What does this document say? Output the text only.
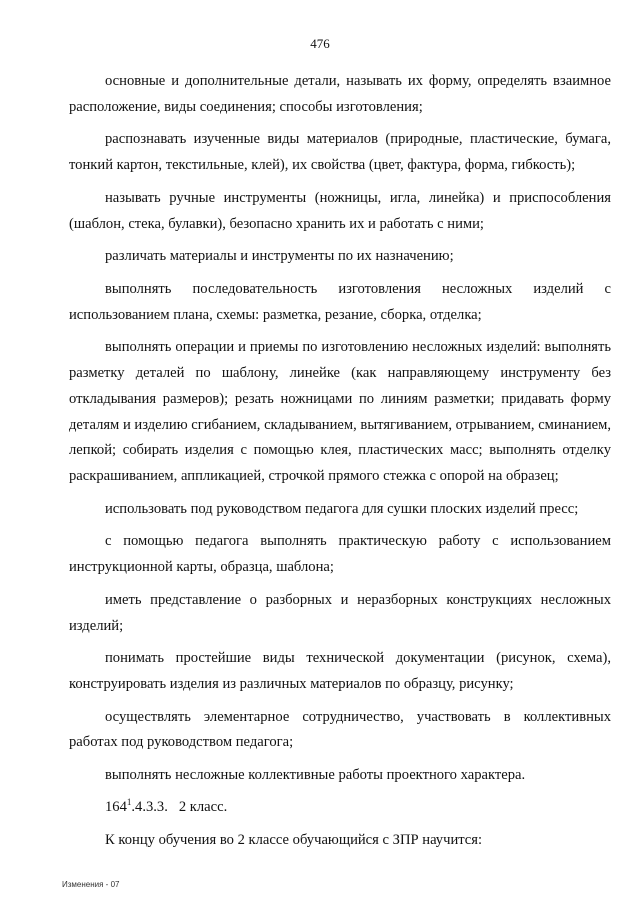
476

основные и дополнительные детали, называть их форму, определять взаимное расположение, виды соединения; способы изготовления;

распознавать изученные виды материалов (природные, пластические, бумага, тонкий картон, текстильные, клей), их свойства (цвет, фактура, форма, гибкость);

называть ручные инструменты (ножницы, игла, линейка) и приспособления (шаблон, стека, булавки), безопасно хранить их и работать с ними;

различать материалы и инструменты по их назначению;

выполнять последовательность изготовления несложных изделий с использованием плана, схемы: разметка, резание, сборка, отделка;

выполнять операции и приемы по изготовлению несложных изделий: выполнять разметку деталей по шаблону, линейке (как направляющему инструменту без откладывания размеров); резать ножницами по линиям разметки; придавать форму деталям и изделию сгибанием, складыванием, вытягиванием, отрыванием, сминанием, лепкой; собирать изделия с помощью клея, пластических масс; выполнять отделку раскрашиванием, аппликацией, строчкой прямого стежка с опорой на образец;

использовать под руководством педагога для сушки плоских изделий пресс;

с помощью педагога выполнять практическую работу с использованием инструкционной карты, образца, шаблона;

иметь представление о разборных и неразборных конструкциях несложных изделий;

понимать простейшие виды технической документации (рисунок, схема), конструировать изделия из различных материалов по образцу, рисунку;

осуществлять элементарное сотрудничество, участвовать в коллективных работах под руководством педагога;

выполнять несложные коллективные работы проектного характера.

$164^1.4.3.3$. 2 класс.

К концу обучения во 2 классе обучающийся с ЗПР научится:

Изменения - 07
